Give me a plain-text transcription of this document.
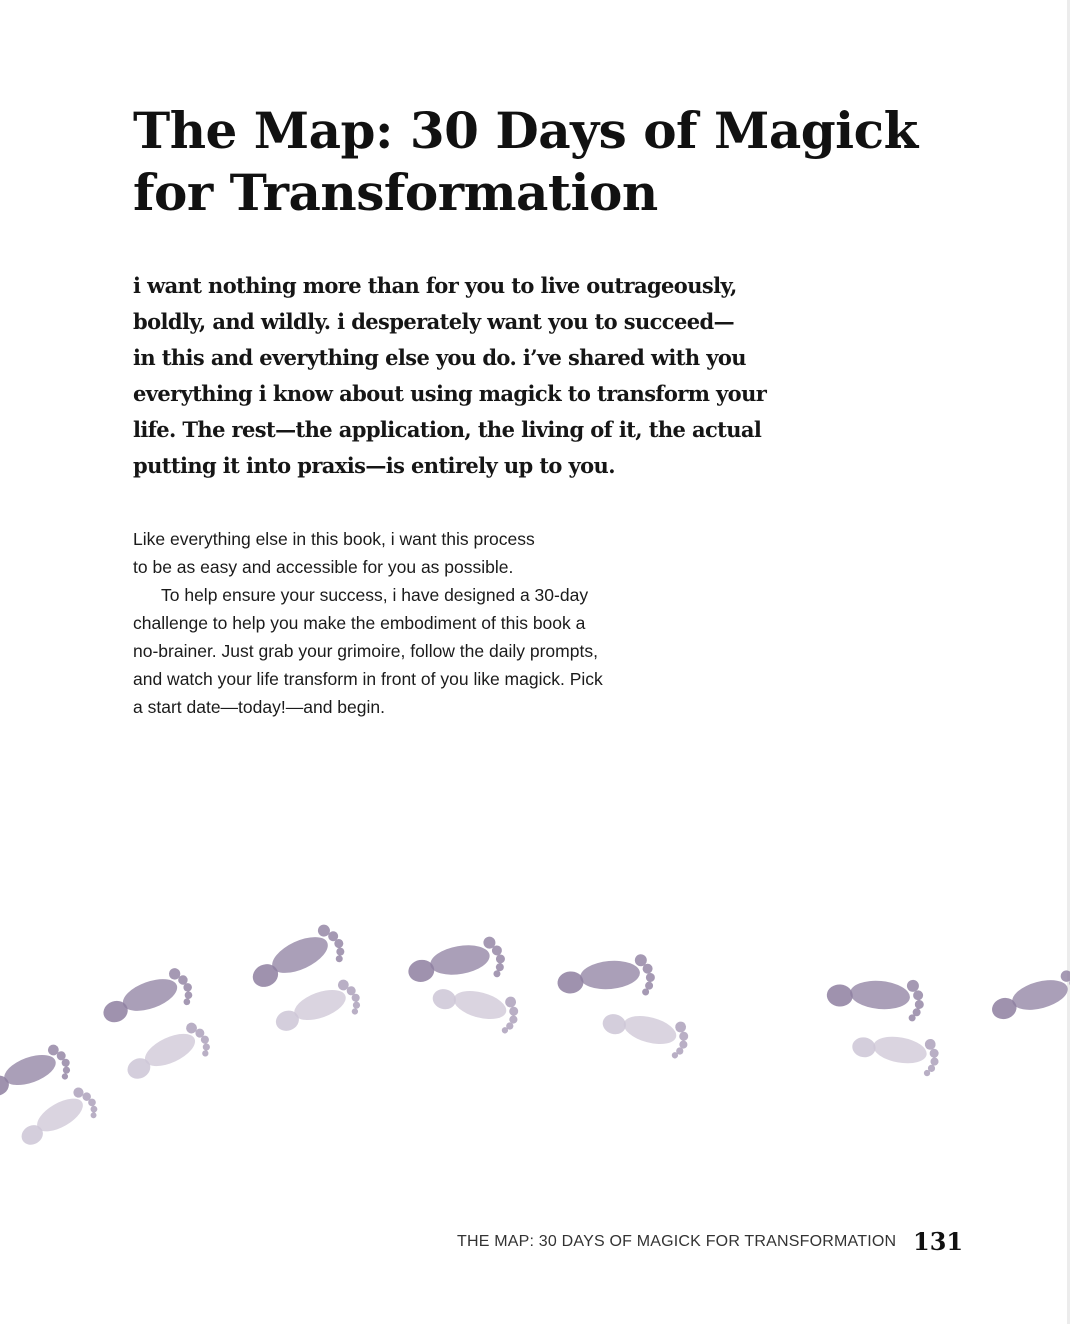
The Map: 30 Days of Magick
for Transformation

i want nothing more than for you to live outrageously,
boldly, and wildly. i desperately want you to succeed—
in this and everything else you do. i’ve shared with you
everything i know about using magick to transform your
life. The rest—the application, the living of it, the actual
putting it into praxis—is entirely up to you.

Like everything else in this book, i want this process
to be as easy and accessible for you as possible.

To help ensure your success, i have designed a 30-day
challenge to help you make the embodiment of this book a
no-brainer. Just grab your grimoire, follow the daily prompts,
and watch your life transform in front of you like magick. Pick
a start date—today!—and begin.

THE MAP: 30 DAYS OF MAGICK FOR TRANSFORMATION 131
